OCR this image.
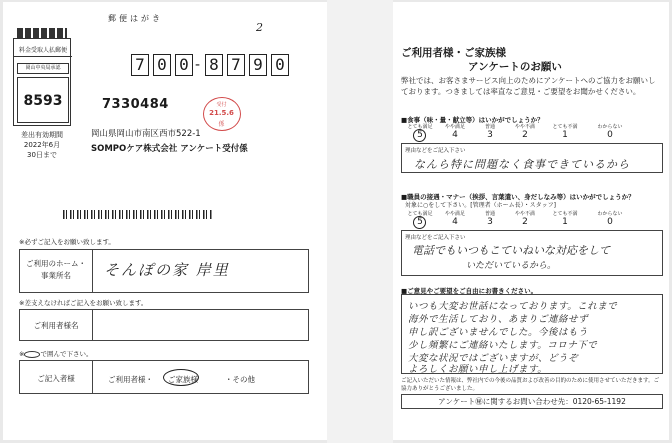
料金受取人払郵便
岡山中央局承認
8593
差出有効期間
2022年6月
30日まで
郵便はがき
2
7 0 0 - 8 7 9 0
7330484	受付
21.5.6
係
岡山県岡山市南区西市522-1
SOMPOケア株式会社 アンケート受付係
※必ずご記入をお願い致します。
ご利用のホーム・
事業所名	そんぽの家 岸里
※差支えなければご記入をお願い致します。
ご利用者様名
※ で囲んで下さい。
ご記入者様	ご利用者様・ ご家族様	・その他
ご利用者様・ご家族様
アンケートのお願い
弊社では、お客さまサービス向上のためにアンケートへのご協力をお願いしております。つきましては率直なご意見・ご要望をお聞かせください。
■食事（味・量・献立等）はいかがでしょうか？
とても満足	やや満足	普通	やや不満	とても不満	わからない
5	4	3	2	1	0
理由などをご記入下さい
なんら特に問題なく食事できているから
■職員の接遇・マナー（挨拶、言葉遣い、身だしなみ等）はいかがでしょうか？
対象に○をして下さい。[管理者（ホーム長）・スタッフ]
とても満足	やや満足	普通	やや不満	とても不満	わからない
5	4	3	2	1	0
理由などをご記入下さい
電話でもいつもこていねいな対応をして
いただいているから。
■ご意見やご要望をご自由にお書きください。
いつも大変お世話になっております。これまで
海外で生活しており、あまりご連絡せず
申し訳ございませんでした。今後はもう
少し頻繁にご連絡いたします。コロナ下で
大変な状況ではございますが、どうぞ
よろしくお願い申し上げます。
ご記入いただいた情報は、弊社内での今後の品質および改善の目的のために使用させていただきます。ご協力ありがとうございました。
アンケート㊙に関するお問い合わせ先：0120-65-1192
